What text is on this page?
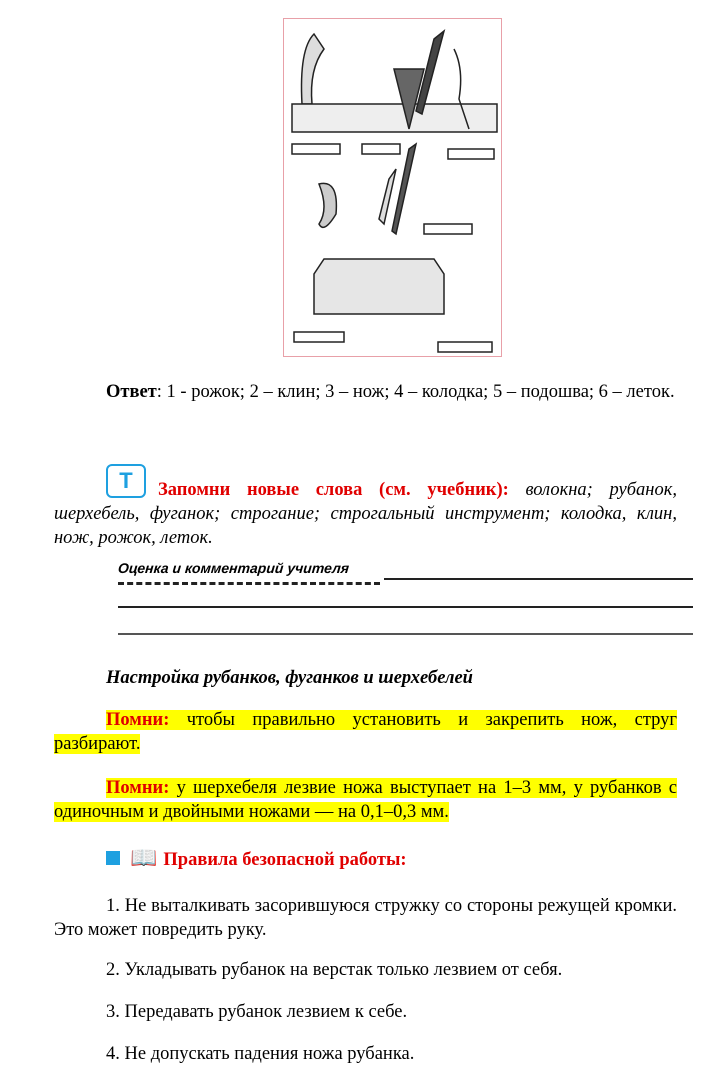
Ответ: 1 - рожок; 2 – клин; 3 – нож; 4 – колодка; 5 – подошва; 6 – леток.

T Запомни новые слова (см. учебник): волокна; рубанок, шерхебель, фуганок; строгание; строгальный инструмент; колодка, клин, нож, рожок, леток.

Оценка и комментарий учителя

Настройка рубанков, фуганков и шерхебелей

Помни: чтобы правильно установить и закрепить нож, струг разбирают.

Помни: у шерхебеля лезвие ножа выступает на 1–3 мм, у рубанков с одиночным и двойными ножами — на 0,1–0,3 мм.

📖 Правила безопасной работы:

1. Не выталкивать засорившуюся стружку со стороны режущей кромки. Это может повредить руку.

2. Укладывать рубанок на верстак только лезвием от себя.

3. Передавать рубанок лезвием к себе.

4. Не допускать падения ножа рубанка.
